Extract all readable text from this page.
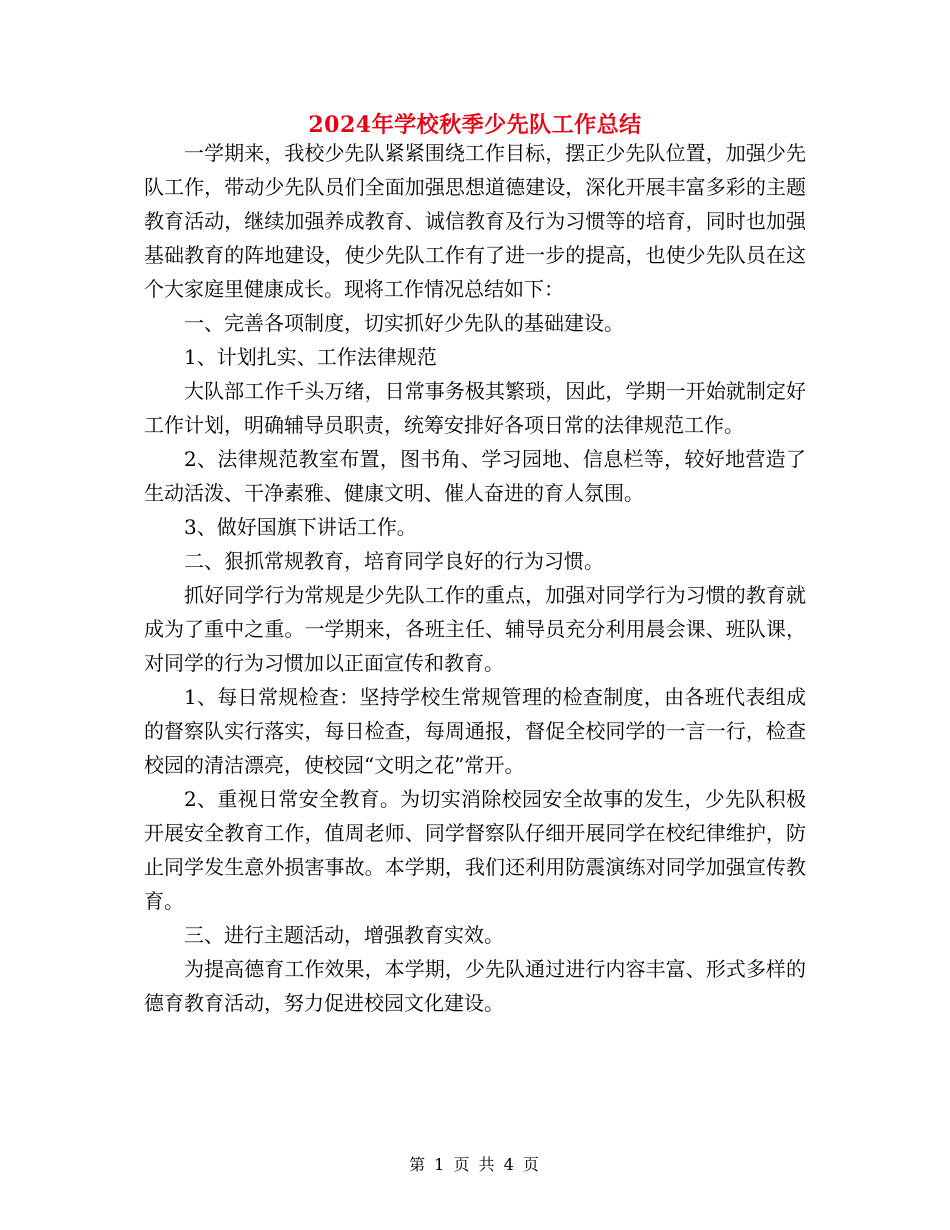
2024年学校秋季少先队工作总结

一学期来，我校少先队紧紧围绕工作目标，摆正少先队位置，加强少先队工作，带动少先队员们全面加强思想道德建设，深化开展丰富多彩的主题教育活动，继续加强养成教育、诚信教育及行为习惯等的培育，同时也加强基础教育的阵地建设，使少先队工作有了进一步的提高，也使少先队员在这个大家庭里健康成长。现将工作情况总结如下：

一、完善各项制度，切实抓好少先队的基础建设。

1、计划扎实、工作法律规范

大队部工作千头万绪，日常事务极其繁琐，因此，学期一开始就制定好工作计划，明确辅导员职责，统筹安排好各项日常的法律规范工作。

2、法律规范教室布置，图书角、学习园地、信息栏等，较好地营造了生动活泼、干净素雅、健康文明、催人奋进的育人氛围。

3、做好国旗下讲话工作。

二、狠抓常规教育，培育同学良好的行为习惯。

抓好同学行为常规是少先队工作的重点，加强对同学行为习惯的教育就成为了重中之重。一学期来，各班主任、辅导员充分利用晨会课、班队课，对同学的行为习惯加以正面宣传和教育。

1、每日常规检查：坚持学校生常规管理的检查制度，由各班代表组成的督察队实行落实，每日检查，每周通报，督促全校同学的一言一行，检查校园的清洁漂亮，使校园“文明之花”常开。

2、重视日常安全教育。为切实消除校园安全故事的发生，少先队积极开展安全教育工作，值周老师、同学督察队仔细开展同学在校纪律维护，防止同学发生意外损害事故。本学期，我们还利用防震演练对同学加强宣传教育。

三、进行主题活动，增强教育实效。

为提高德育工作效果，本学期，少先队通过进行内容丰富、形式多样的德育教育活动，努力促进校园文化建设。

第 1 页 共 4 页
